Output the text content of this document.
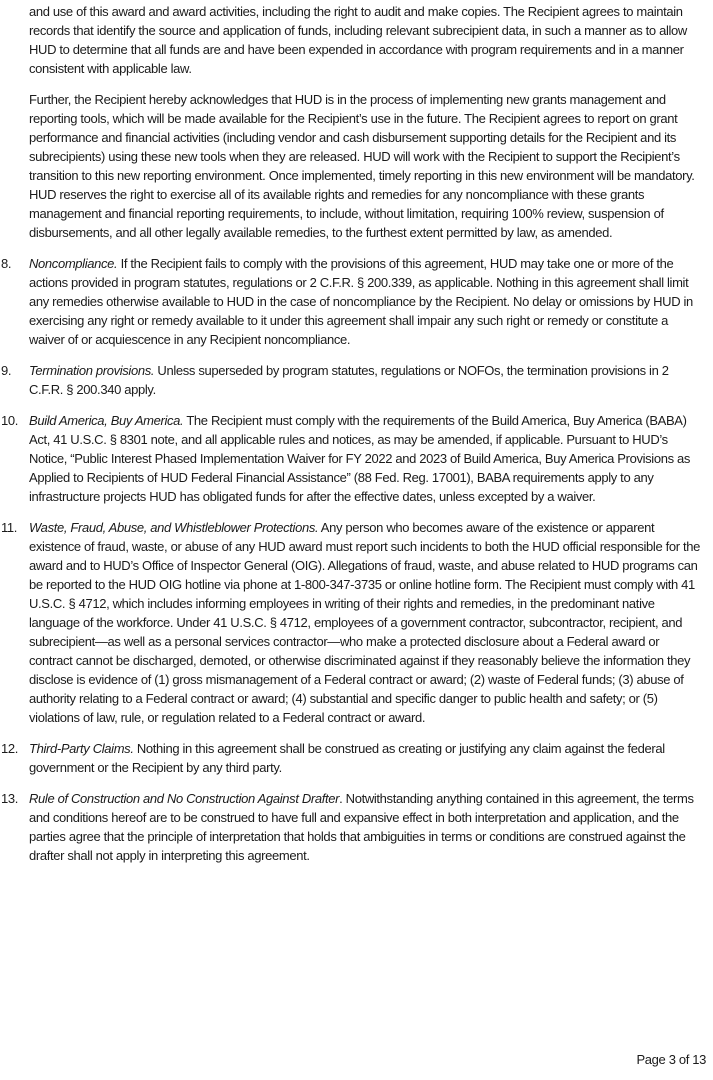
and use of this award and award activities, including the right to audit and make copies. The Recipient agrees to maintain records that identify the source and application of funds, including relevant subrecipient data, in such a manner as to allow HUD to determine that all funds are and have been expended in accordance with program requirements and in a manner consistent with applicable law.

Further, the Recipient hereby acknowledges that HUD is in the process of implementing new grants management and reporting tools, which will be made available for the Recipient’s use in the future. The Recipient agrees to report on grant performance and financial activities (including vendor and cash disbursement supporting details for the Recipient and its subrecipients) using these new tools when they are released. HUD will work with the Recipient to support the Recipient’s transition to this new reporting environment. Once implemented, timely reporting in this new environment will be mandatory. HUD reserves the right to exercise all of its available rights and remedies for any noncompliance with these grants management and financial reporting requirements, to include, without limitation, requiring 100% review, suspension of disbursements, and all other legally available remedies, to the furthest extent permitted by law, as amended.

8.	Noncompliance. If the Recipient fails to comply with the provisions of this agreement, HUD may take one or more of the actions provided in program statutes, regulations or 2 C.F.R. § 200.339, as applicable. Nothing in this agreement shall limit any remedies otherwise available to HUD in the case of noncompliance by the Recipient. No delay or omissions by HUD in exercising any right or remedy available to it under this agreement shall impair any such right or remedy or constitute a waiver of or acquiescence in any Recipient noncompliance.
9.	Termination provisions. Unless superseded by program statutes, regulations or NOFOs, the termination provisions in 2 C.F.R. § 200.340 apply.
10. Build America, Buy America. The Recipient must comply with the requirements of the Build America, Buy America (BABA) Act, 41 U.S.C. § 8301 note, and all applicable rules and notices, as may be amended, if applicable. Pursuant to HUD’s Notice, “Public Interest Phased Implementation Waiver for FY 2022 and 2023 of Build America, Buy America Provisions as Applied to Recipients of HUD Federal Financial Assistance” (88 Fed. Reg. 17001), BABA requirements apply to any infrastructure projects HUD has obligated funds for after the effective dates, unless excepted by a waiver.
11. Waste, Fraud, Abuse, and Whistleblower Protections. Any person who becomes aware of the existence or apparent existence of fraud, waste, or abuse of any HUD award must report such incidents to both the HUD official responsible for the award and to HUD’s Office of Inspector General (OIG). Allegations of fraud, waste, and abuse related to HUD programs can be reported to the HUD OIG hotline via phone at 1-800-347-3735 or online hotline form. The Recipient must comply with 41 U.S.C. § 4712, which includes informing employees in writing of their rights and remedies, in the predominant native language of the workforce. Under 41 U.S.C. § 4712, employees of a government contractor, subcontractor, recipient, and subrecipient—as well as a personal services contractor—who make a protected disclosure about a Federal award or contract cannot be discharged, demoted, or otherwise discriminated against if they reasonably believe the information they disclose is evidence of (1) gross mismanagement of a Federal contract or award; (2) waste of Federal funds; (3) abuse of authority relating to a Federal contract or award; (4) substantial and specific danger to public health and safety; or (5) violations of law, rule, or regulation related to a Federal contract or award.
12. Third-Party Claims. Nothing in this agreement shall be construed as creating or justifying any claim against the federal government or the Recipient by any third party.
13. Rule of Construction and No Construction Against Drafter. Notwithstanding anything contained in this agreement, the terms and conditions hereof are to be construed to have full and expansive effect in both interpretation and application, and the parties agree that the principle of interpretation that holds that ambiguities in terms or conditions are construed against the drafter shall not apply in interpreting this agreement.
Page 3 of 13
